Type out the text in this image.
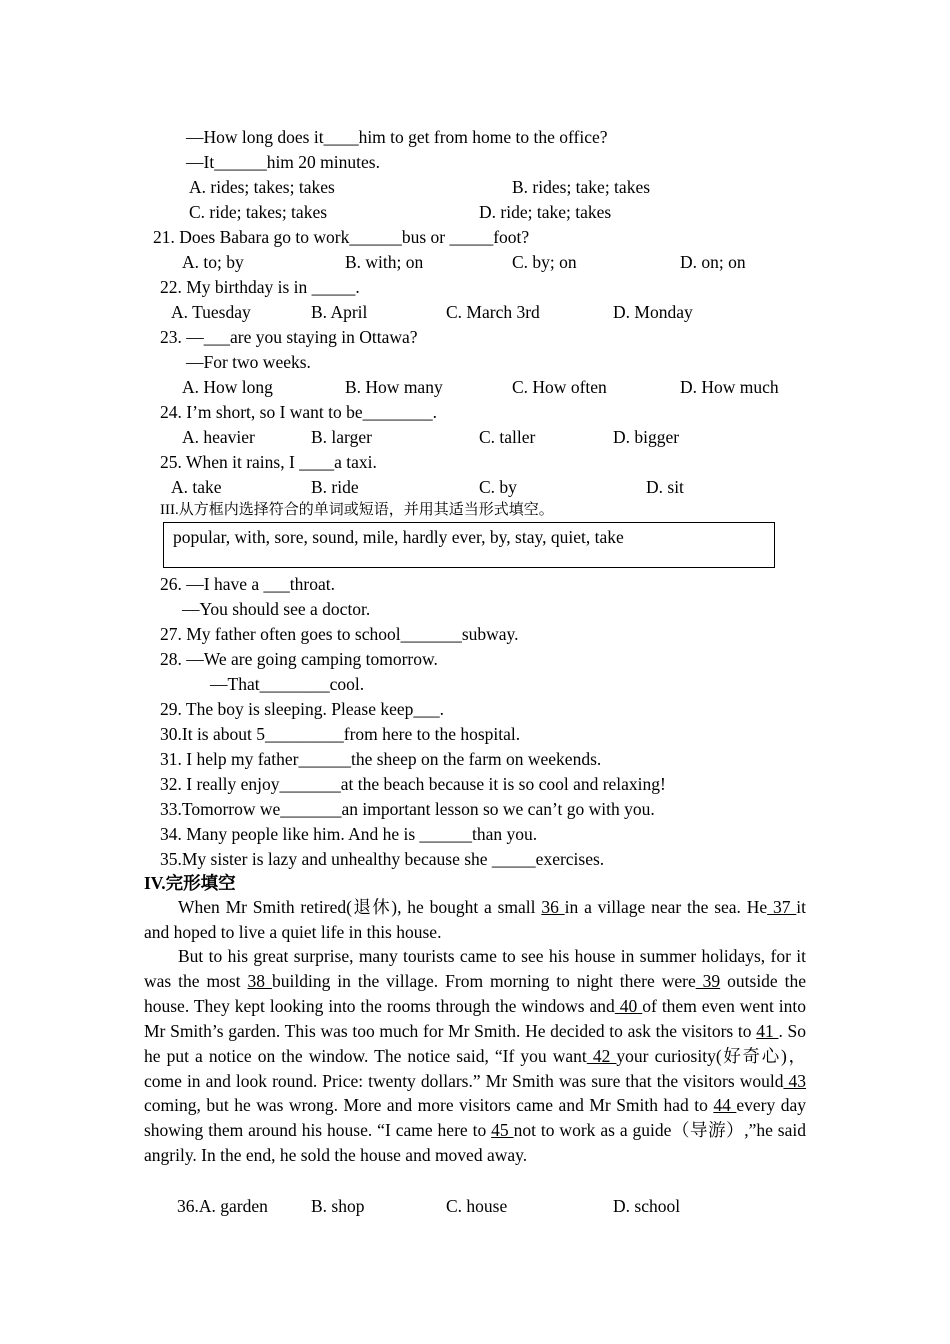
—How long does it____him to get from home to the office?
—It______him 20 minutes.
A. rides; takes; takes	B. rides; take; takes
C. ride; takes; takes	D. ride; take; takes
21. Does Babara go to work______bus or _____foot?
A. to; by	B. with; on	C. by; on	D. on; on
22. My birthday is in _____.
A. Tuesday	B. April	C. March 3rd	D. Monday
23. —___are you staying in Ottawa?
—For two weeks.
A. How long	B. How many	C. How often	D. How much
24. I’m short, so I want to be________.
A. heavier	B. larger	C. taller	D. bigger
25. When it rains, I ____a taxi.
A. take	B. ride	C. by	D. sit
III.从方框内选择符合的单词或短语，并用其适当形式填空。
popular, with, sore, sound, mile, hardly ever, by, stay, quiet, take
26. —I have a ___throat.
—You should see a doctor.
27. My father often goes to school_______subway.
28. —We are going camping tomorrow.
—That________cool.
29. The boy is sleeping. Please keep___.
30.It is about 5_________from here to the hospital.
31. I help my father______the sheep on the farm on weekends.
32. I really enjoy_______at the beach because it is so cool and relaxing!
33.Tomorrow we_______an important lesson so we can’t go with you.
34. Many people like him. And he is ______than you.
35.My sister is lazy and unhealthy because she _____exercises.
IV.完形填空
When Mr Smith retired(退休), he bought a small 36 in a village near the sea. He 37 it and hoped to live a quiet life in this house.
But to his great surprise, many tourists came to see his house in summer holidays, for it was the most 38 building in the village. From morning to night there were 39 outside the house. They kept looking into the rooms through the windows and 40 of them even went into Mr Smith’s garden. This was too much for Mr Smith. He decided to ask the visitors to 41 . So he put a notice on the window. The notice said, “If you want 42 your curiosity(好奇心)，come in and look round. Price: twenty dollars.” Mr Smith was sure that the visitors would 43 coming, but he was wrong. More and more visitors came and Mr Smith had to 44 every day showing them around his house. “I came here to 45 not to work as a guide（导游）,”he said angrily. In the end, he sold the house and moved away.
36.A. garden B. shop	C. house	D. school
